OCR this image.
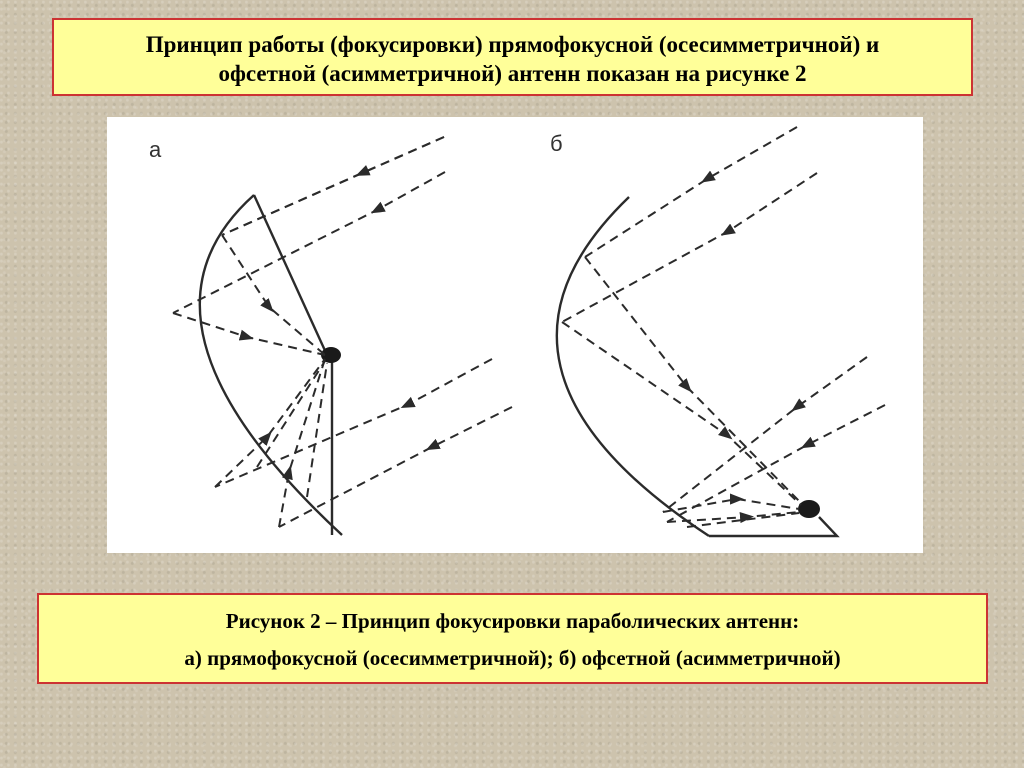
Принцип работы (фокусировки) прямофокусной (осесимметричной) и
офсетной (асимметричной) антенн показан на рисунке 2
а	б
Рисунок 2 – Принцип фокусировки параболических антенн:
а) прямофокусной (осесимметричной); б) офсетной (асимметричной)
